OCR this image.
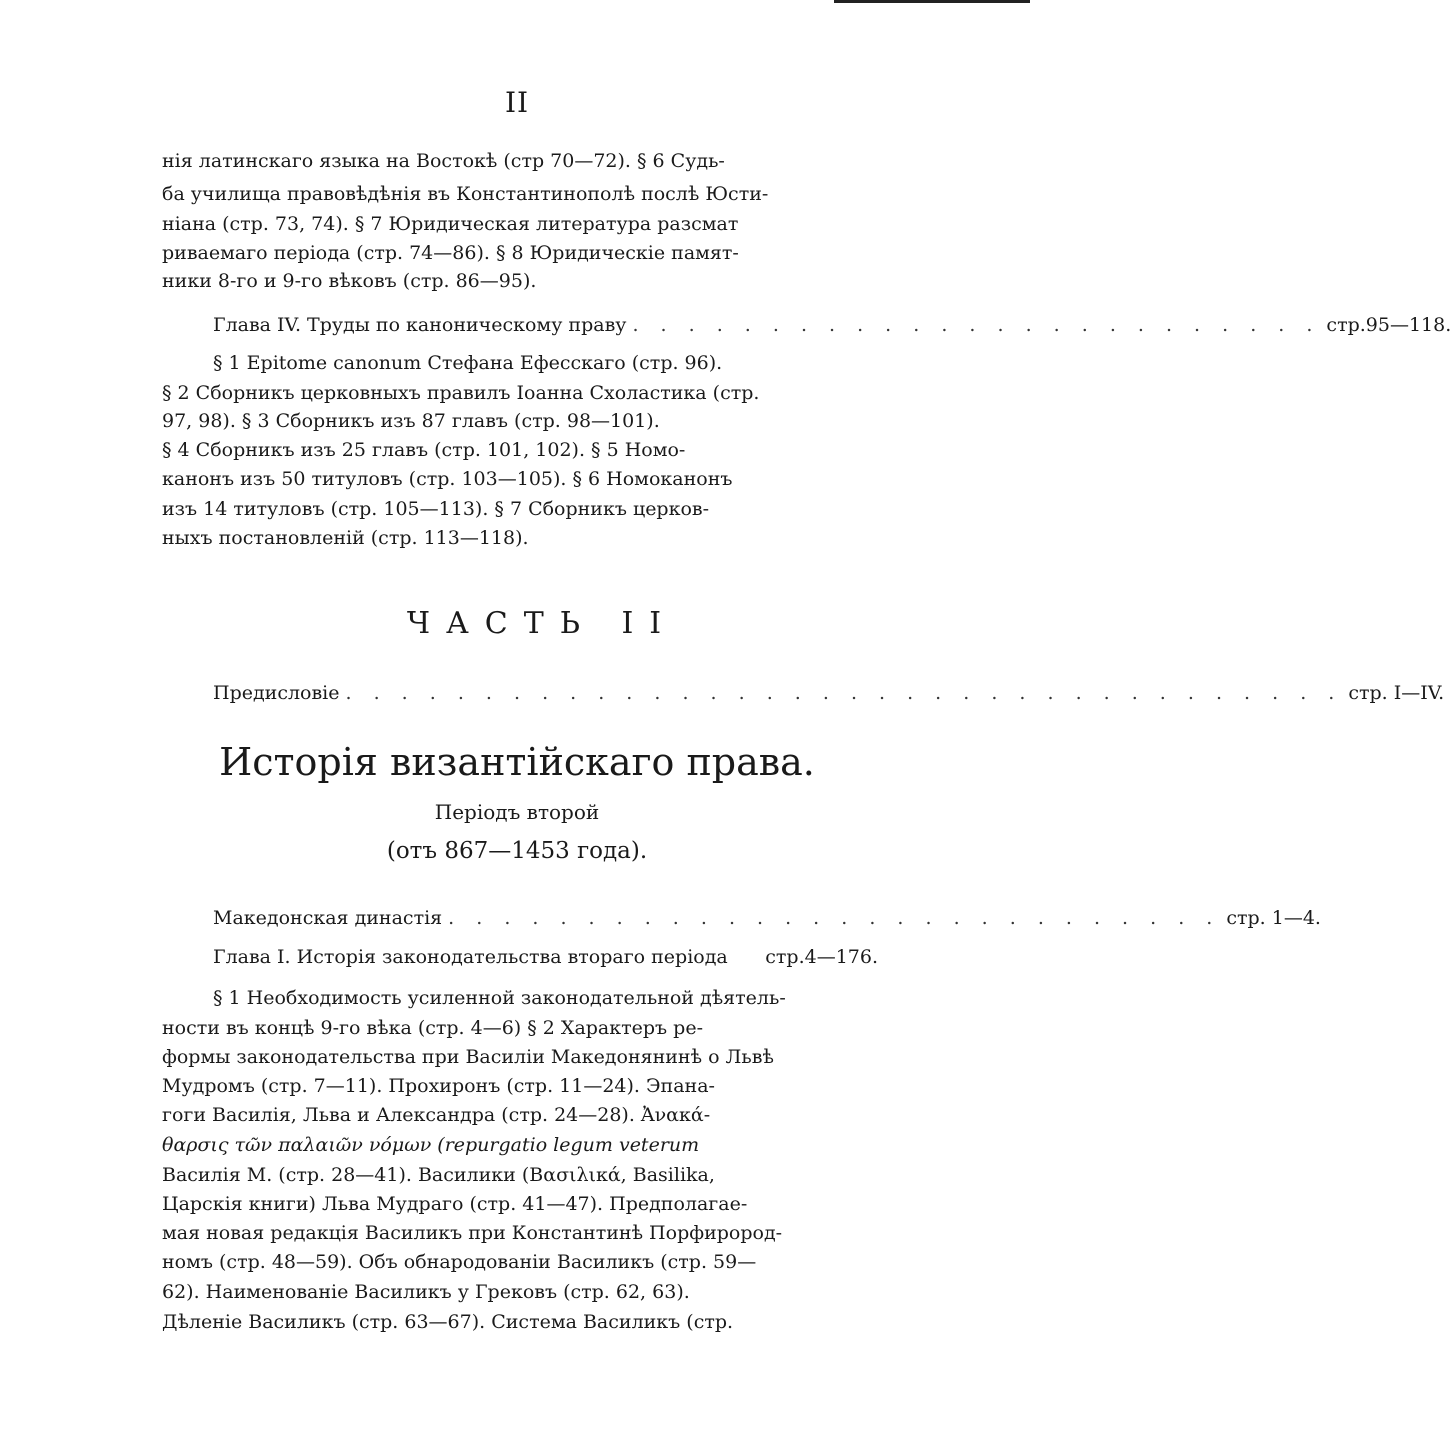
II
нія латинскаго языка на Востокѣ (стр 70—72). § 6 Судь-
ба училища правовѣдѣнія въ Константинополѣ послѣ Юсти-
ніана (стр. 73, 74). § 7 Юридическая литература разсмат
риваемаго періода (стр. 74—86). § 8 Юридическіе памят-
ники 8-го и 9-го вѣковъ (стр. 86—95).
Глава IV. Труды по каноническому праву . . . . . . . . . . . . . . . . . . . . . . . . . стр.95—118.
§ 1 Epitome canonum Стефана Ефесскаго (стр. 96).
§ 2 Сборникъ церковныхъ правилъ Іоанна Схоластика (стр.
97, 98). § 3 Сборникъ изъ 87 главъ (стр. 98—101).
§ 4 Сборникъ изъ 25 главъ (стр. 101, 102). § 5 Номо-
канонъ изъ 50 титуловъ (стр. 103—105). § 6 Номоканонъ
изъ 14 титуловъ (стр. 105—113). § 7 Сборникъ церков-
ныхъ постановленій (стр. 113—118).
ЧАСТЬ II
Предисловіе . . . . . . . . . . . . . . . . . . . . . . . . . . . . . . . . . . . . стр. I—IV.
Исторія византійскаго права.
Періодъ второй
(отъ 867—1453 года).
Македонская династія . . . . . . . . . . . . . . . . . . . . . . . . . . . . стр. 1—4.
Глава I. Исторія законодательства втораго періода стр.4—176.
§ 1 Необходимость усиленной законодательной дѣятель-
ности въ концѣ 9-го вѣка (стр. 4—6) § 2 Характеръ ре-
формы законодательства при Василіи Македонянинѣ о Львѣ
Мудромъ (стр. 7—11). Прохиронъ (стр. 11—24). Эпана-
гоги Василія, Льва и Александра (стр. 24—28). Ἀνακά-
θαρσις τῶν παλαιῶν νόμων (repurgatio legum veterum
Василія М. (стр. 28—41). Василики (Βασιλικά, Basilika,
Царскія книги) Льва Мудраго (стр. 41—47). Предполагае-
мая новая редакція Василикъ при Константинѣ Порфирород-
номъ (стр. 48—59). Объ обнародованіи Василикъ (стр. 59—
62). Наименованіе Василикъ у Грековъ (стр. 62, 63).
Дѣленіе Василикъ (стр. 63—67). Система Василикъ (стр.
